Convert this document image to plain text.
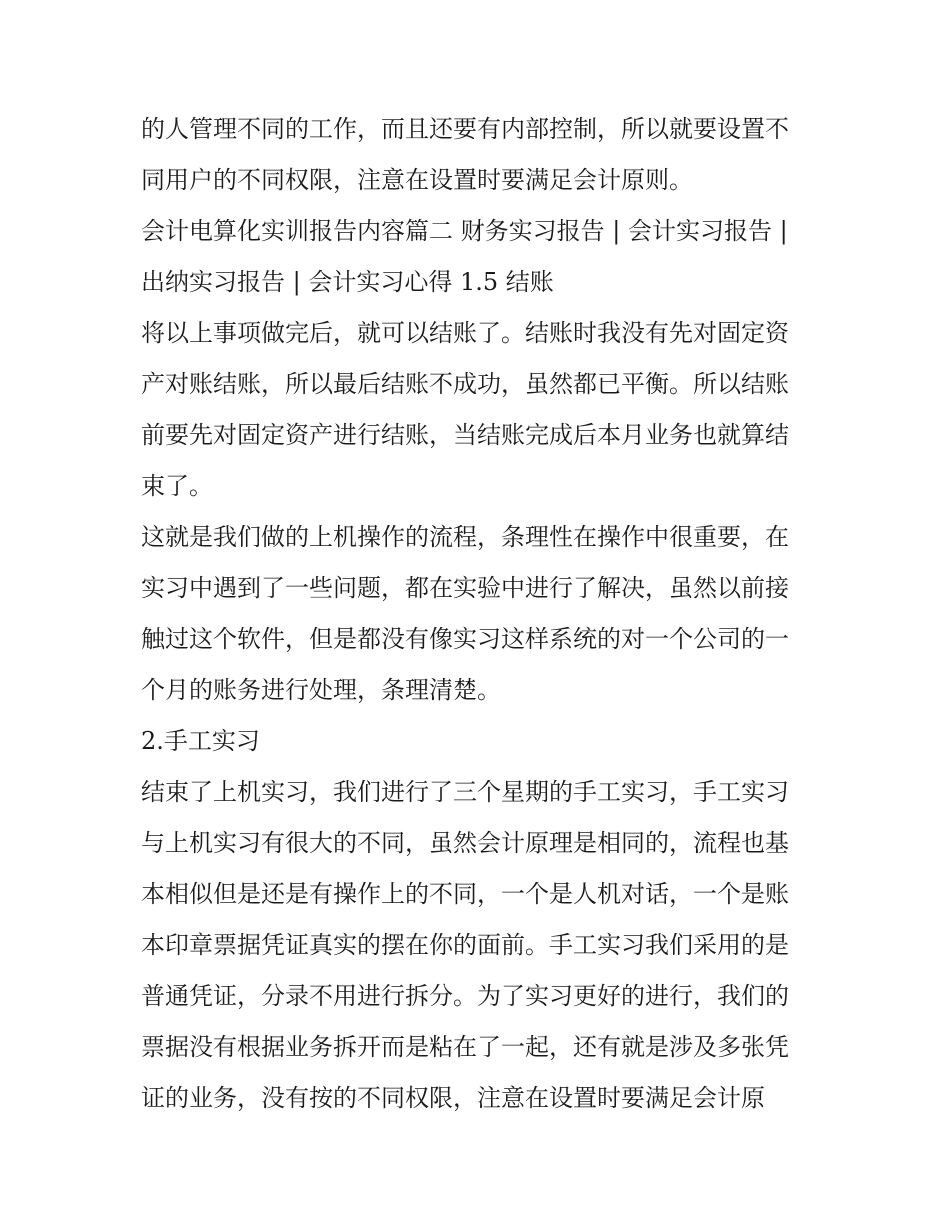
的人管理不同的工作，而且还要有内部控制，所以就要设置不
同用户的不同权限，注意在设置时要满足会计原则。
会计电算化实训报告内容篇二 财务实习报告 | 会计实习报告 |
出纳实习报告 | 会计实习心得 1.5 结账
将以上事项做完后，就可以结账了。结账时我没有先对固定资
产对账结账，所以最后结账不成功，虽然都已平衡。所以结账
前要先对固定资产进行结账，当结账完成后本月业务也就算结
束了。
这就是我们做的上机操作的流程，条理性在操作中很重要，在
实习中遇到了一些问题，都在实验中进行了解决，虽然以前接
触过这个软件，但是都没有像实习这样系统的对一个公司的一
个月的账务进行处理，条理清楚。
2.手工实习
结束了上机实习，我们进行了三个星期的手工实习，手工实习
与上机实习有很大的不同，虽然会计原理是相同的，流程也基
本相似但是还是有操作上的不同，一个是人机对话，一个是账
本印章票据凭证真实的摆在你的面前。手工实习我们采用的是
普通凭证，分录不用进行拆分。为了实习更好的进行，我们的
票据没有根据业务拆开而是粘在了一起，还有就是涉及多张凭
证的业务，没有按的不同权限，注意在设置时要满足会计原
